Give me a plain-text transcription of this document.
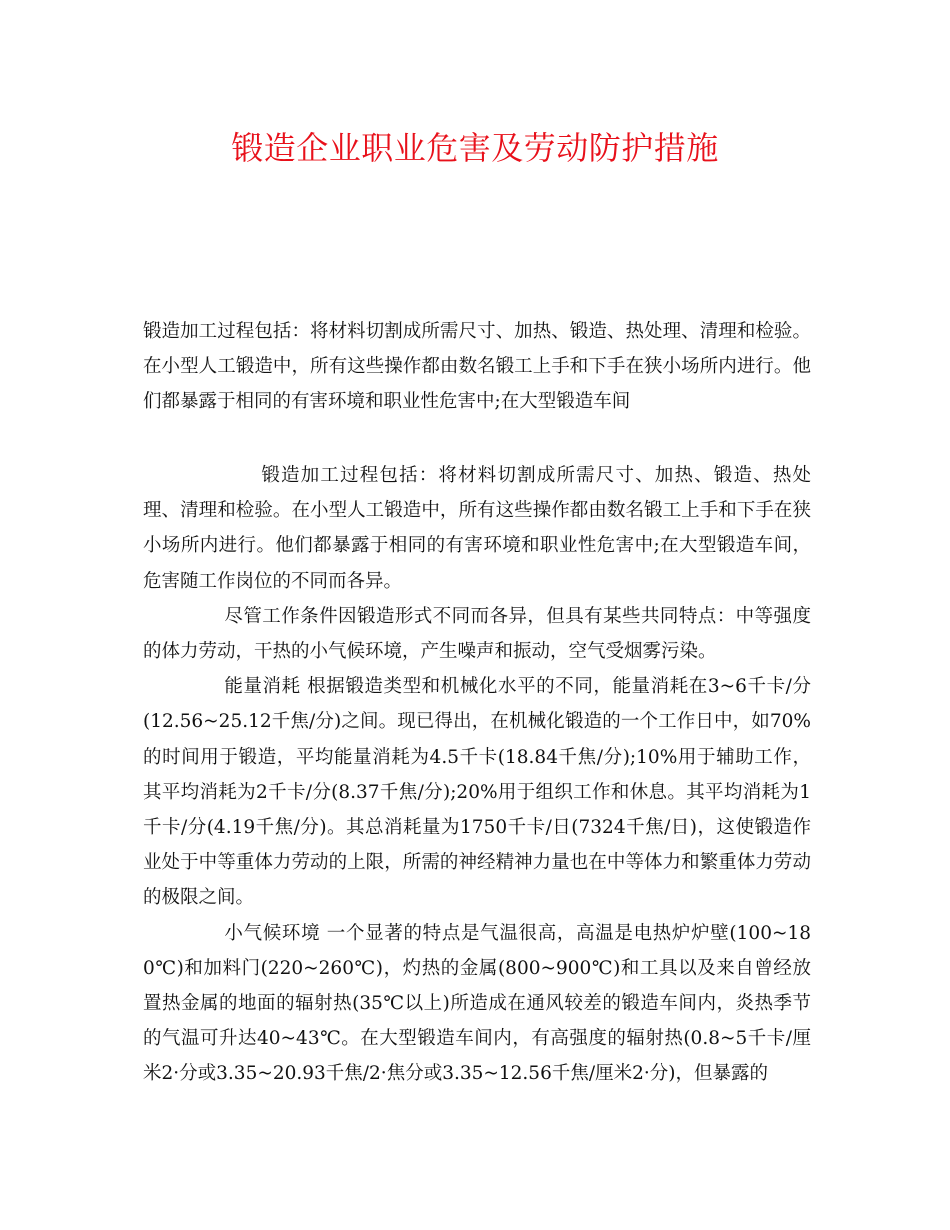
锻造企业职业危害及劳动防护措施

锻造加工过程包括：将材料切割成所需尺寸、加热、锻造、热处理、清理和检验。在小型人工锻造中，所有这些操作都由数名锻工上手和下手在狭小场所内进行。他们都暴露于相同的有害环境和职业性危害中;在大型锻造车间

锻造加工过程包括：将材料切割成所需尺寸、加热、锻造、热处理、清理和检验。在小型人工锻造中，所有这些操作都由数名锻工上手和下手在狭小场所内进行。他们都暴露于相同的有害环境和职业性危害中;在大型锻造车间，危害随工作岗位的不同而各异。

尽管工作条件因锻造形式不同而各异，但具有某些共同特点：中等强度的体力劳动，干热的小气候环境，产生噪声和振动，空气受烟雾污染。

能量消耗 根据锻造类型和机械化水平的不同，能量消耗在3~6千卡/分(12.56~25.12千焦/分)之间。现已得出，在机械化锻造的一个工作日中，如70%的时间用于锻造，平均能量消耗为4.5千卡(18.84千焦/分);10%用于辅助工作，其平均消耗为2千卡/分(8.37千焦/分);20%用于组织工作和休息。其平均消耗为1千卡/分(4.19千焦/分)。其总消耗量为1750千卡/日(7324千焦/日)，这使锻造作业处于中等重体力劳动的上限，所需的神经精神力量也在中等体力和繁重体力劳动的极限之间。

小气候环境 一个显著的特点是气温很高，高温是电热炉炉壁(100~180℃)和加料门(220~260℃)，灼热的金属(800~900℃)和工具以及来自曾经放置热金属的地面的辐射热(35℃以上)所造成在通风较差的锻造车间内，炎热季节的气温可升达40~43℃。在大型锻造车间内，有高强度的辐射热(0.8~5千卡/厘米2·分或3.35~20.93千焦/2·焦分或3.35~12.56千焦/厘米2·分)，但暴露的
